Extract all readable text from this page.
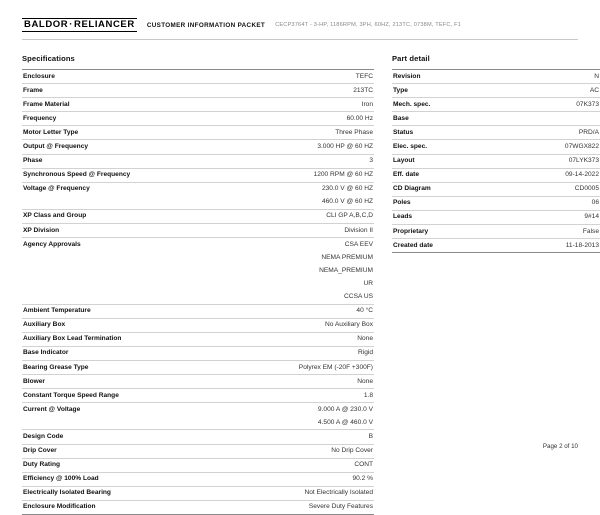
BALDOR·RELIANCER	CUSTOMER INFORMATION PACKET CECP3764T - 3-HP, 1186RPM, 3PH, 60HZ, 213TC, 0738M, TEFC, F1
Specifications
Enclosure	TEFC
Frame	213TC
Frame Material	Iron
Frequency	60.00 Hz
Motor Letter Type	Three Phase
Output @ Frequency	3.000 HP @ 60 HZ
Phase	3
Synchronous Speed @ Frequency	1200 RPM @ 60 HZ
Voltage @ Frequency	230.0 V @ 60 HZ
	460.0 V @ 60 HZ
XP Class and Group	CLI GP A,B,C,D
XP Division	Division II
Agency Approvals	CSA EEV
	NEMA PREMIUM
	NEMA_PREMIUM
	UR
	CCSA US
Ambient Temperature	40 °C
Auxiliary Box	No Auxiliary Box
Auxiliary Box Lead Termination	None
Base Indicator	Rigid
Bearing Grease Type	Polyrex EM (-20F +300F)
Blower	None
Constant Torque Speed Range	1.8
Current @ Voltage	9.000 A @ 230.0 V
	4.500 A @ 460.0 V
Design Code	B
Drip Cover	No Drip Cover
Duty Rating	CONT
Efficiency @ 100% Load	90.2 %
Electrically Isolated Bearing	Not Electrically Isolated
Enclosure Modification	Severe Duty Features
Part detail
Revision	N
Type	AC
Mech. spec.	07K373
Base	
Status	PRD/A
Elec. spec.	07WGX822
Layout	07LYK373
Eff. date	09-14-2022
CD Diagram	CD0005
Poles	06
Leads	9#14
Proprietary	False
Created date	11-18-2013
Page 2 of 10
